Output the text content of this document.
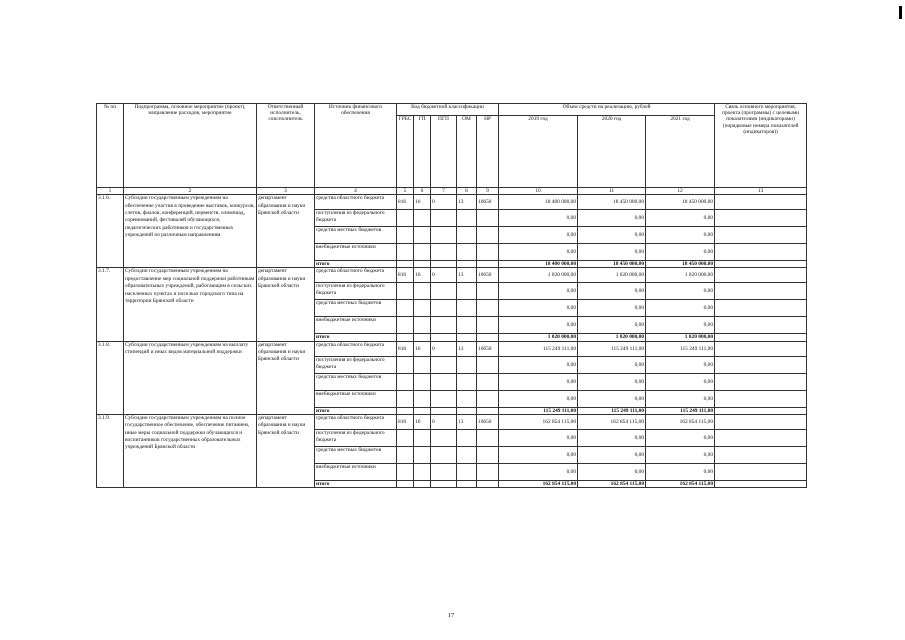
№ пп	Подпрограмма, основное мероприятие (проект), направление расходов, мероприятие	Ответственный исполнитель, соисполнитель	Источник финансового обеспечения	Код бюджетной классификации					Объем средств на реализацию, рублей			Связь основного мероприятия, проекта (программы) с целевыми показателями (индикаторами) (порядковые номера показателей (индикаторов))
				ГРБС	ГП	ПГП	ОМ	НР	2019 год	2020 год	2021 год	
1	2	3	4	5	6	7	8	9	10	11	12	13
3.1.6.	Субсидии государственным учреждениям на обеспечение участия в проведение выставок, конкурсов, слетов, фиалов, конференций, первенств, олимпиад, соревнований, фестивалей обучающихся, педагогических работников и государственных учреждений по различным направлениям	департамент образования и науки Брянской области	средства областного бюджета	816	16	0	13	10650	18 400 000,00	18 450 000,00	18 450 000,00	
			поступления из федерального бюджета						0,00	0,00	0,00	
			средства местных бюджетов						0,00	0,00	0,00	
			внебюджетные источники						0,00	0,00	0,00	
			итого						18 400 000,00	18 450 000,00	18 450 000,00	
3.1.7.	Субсидии государственным учреждениям на предоставление мер социальной поддержки работникам образовательных учреждений, работающим в сельских населенных пунктах и поселках городского типа на территории Брянской области	департамент образования и науки Брянской области	средства областного бюджета	816	16	0	13	10650	1 020 000,00	1 020 000,00	1 020 000,00	
			поступления из федерального бюджета						0,00	0,00	0,00	
			средства местных бюджетов						0,00	0,00	0,00	
			внебюджетные источники						0,00	0,00	0,00	
			итого						1 020 000,00	1 020 000,00	1 020 000,00	
3.1.8.	Субсидии государственным учреждениям на выплату стипендий и иных видов материальной поддержки	департамент образования и науки Брянской области	средства областного бюджета	816	16	0	13	10650	115 249 111,00	115 249 111,00	115 249 111,00	
			поступления из федерального бюджета						0,00	0,00	0,00	
			средства местных бюджетов						0,00	0,00	0,00	
			внебюджетные источники						0,00	0,00	0,00	
			итого						115 249 111,00	115 249 111,00	115 249 111,00	
3.1.9.	Субсидии государственным учреждениям на полное государственное обеспечение, обеспечение питанием, иные меры социальной поддержки обучающихся и воспитанников государственных образовательных учреждений Брянской области	департамент образования и науки Брянской области	средства областного бюджета	816	16	0	13	10650	162 854 115,00	162 854 115,00	162 854 115,00	
			поступления из федерального бюджета						0,00	0,00	0,00	
			средства местных бюджетов						0,00	0,00	0,00	
			внебюджетные источники						0,00	0,00	0,00	
			итого						162 854 115,00	162 854 115,00	162 854 115,00	
17
